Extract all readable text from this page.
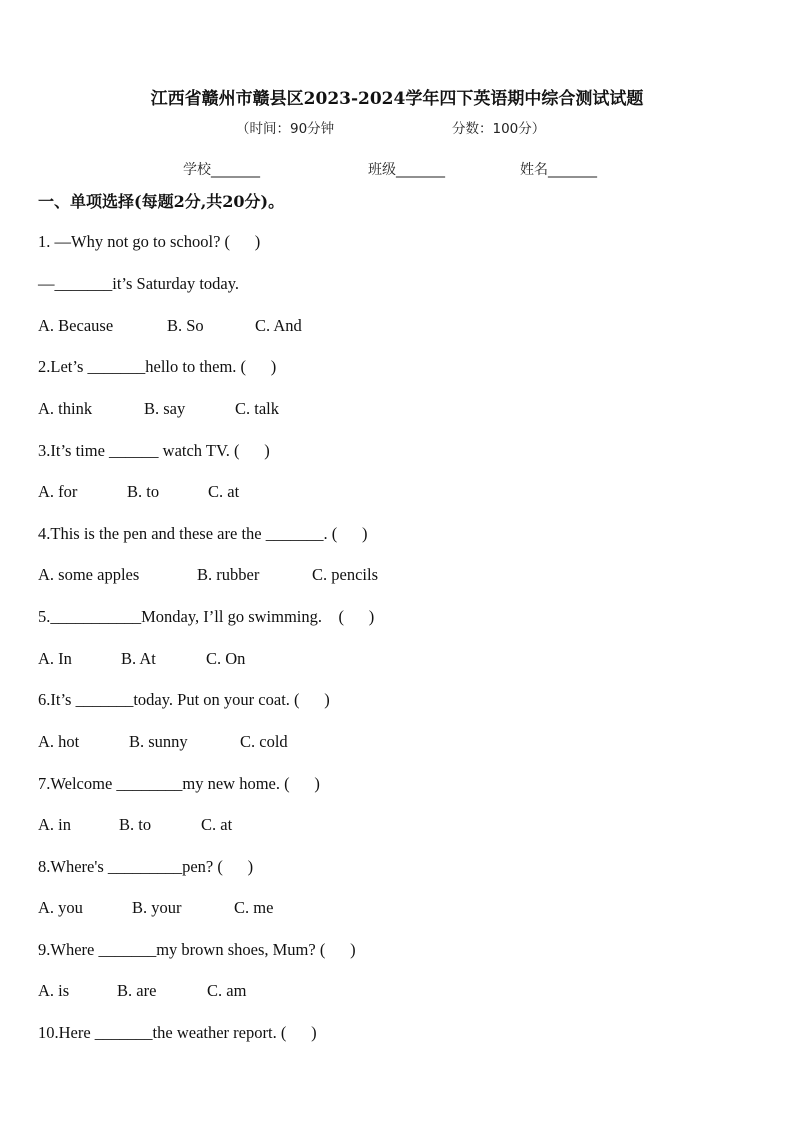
江西省赣州市赣县区2023-2024学年四下英语期中综合测试试题
（时间：90分钟	分数：100分）
学校_______	班级_______	姓名_______
一、单项选择(每题2分,共20分)。
1. —Why not go to school? (      )
—_______it’s Saturday today.
A. Because	B. So	C. And
2.Let’s _______hello to them. (      )
A. think	B. say	C. talk
3.It’s time ______ watch TV. (      )
A. for	B. to	C. at
4.This is the pen and these are the _______. (      )
A. some apples	B. rubber	C. pencils
5.___________Monday, I’ll go swimming.    (      )
A. In	B. At	C. On
6.It’s _______today. Put on your coat. (      )
A. hot	B. sunny	C. cold
7.Welcome ________my new home. (      )
A. in	B. to	C. at
8.Where's _________pen? (      )
A. you	B. your	C. me
9.Where _______my brown shoes, Mum? (      )
A. is	B. are	C. am
10.Here _______the weather report. (      )
